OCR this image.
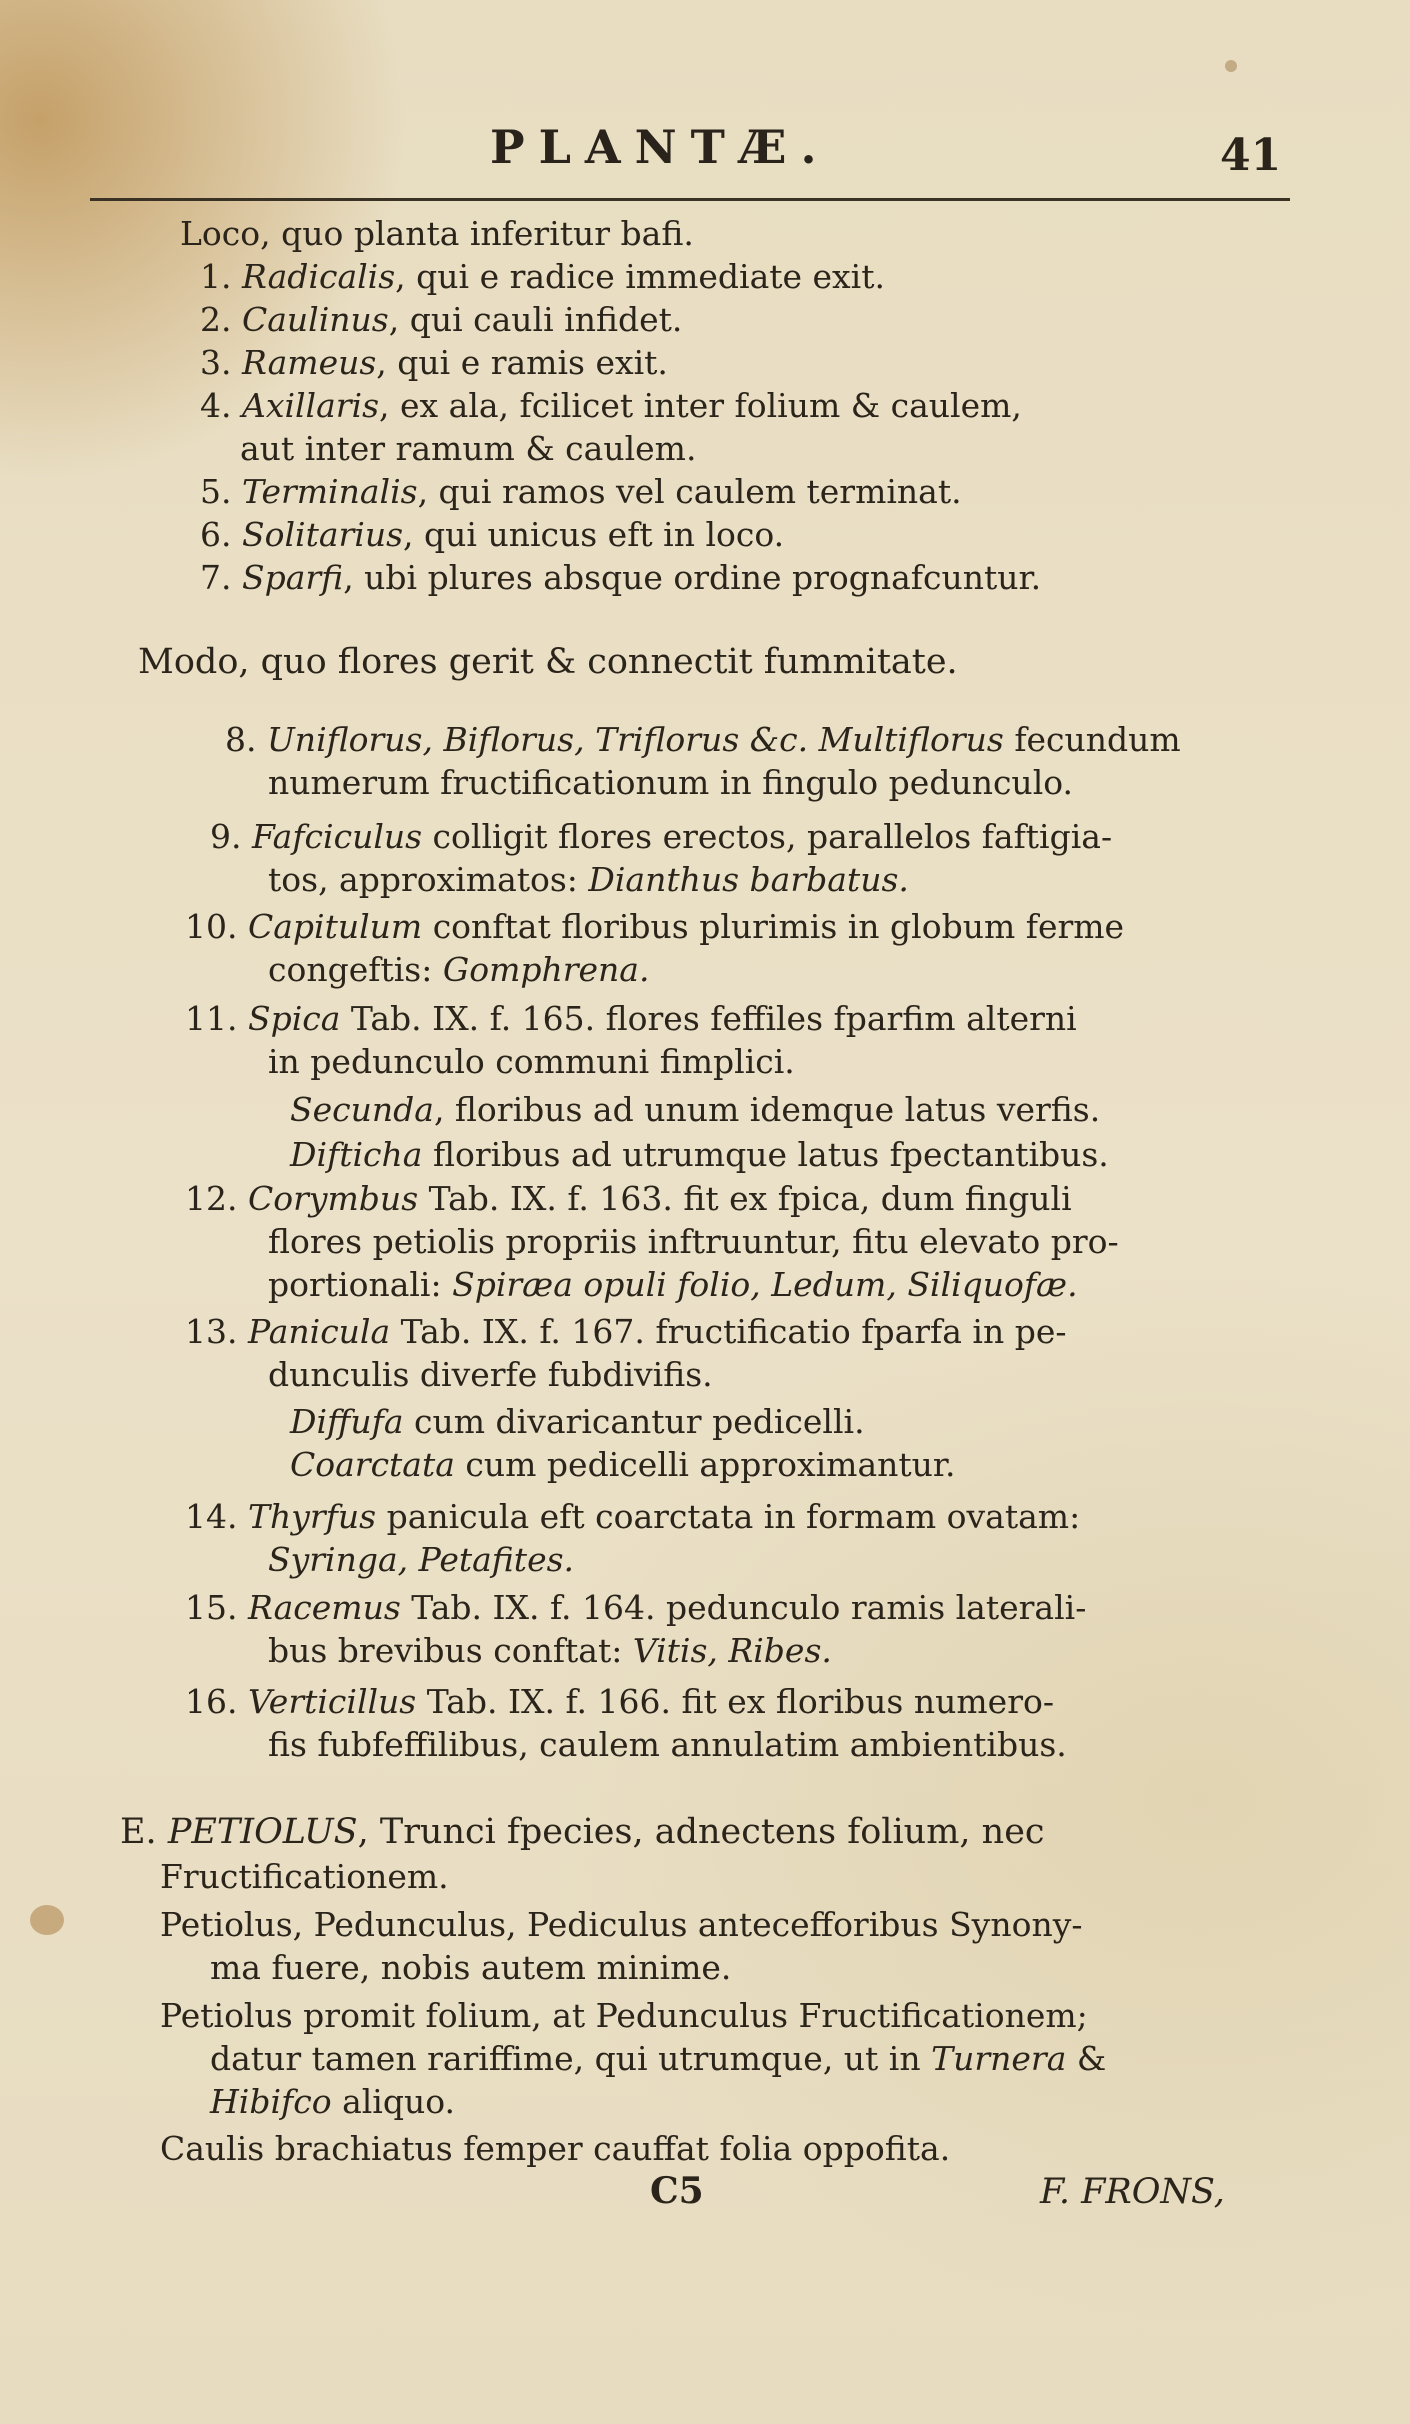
PLANTÆ.	41
Loco, quo planta inferitur bafi.
1. Radicalis, qui e radice immediate exit.
2. Caulinus, qui cauli infidet.
3. Rameus, qui e ramis exit.
4. Axillaris, ex ala, fcilicet inter folium & caulem,
aut inter ramum & caulem.
5. Terminalis, qui ramos vel caulem terminat.
6. Solitarius, qui unicus eft in loco.
7. Sparfi, ubi plures absque ordine prognafcuntur.
Modo, quo flores gerit & connectit fummitate.
8. Uniflorus, Biflorus, Triflorus &c. Multiflorus fecundum
numerum fructificationum in fingulo pedunculo.
9. Fafciculus colligit flores erectos, parallelos faftigia-
tos, approximatos: Dianthus barbatus.
10. Capitulum conftat floribus plurimis in globum ferme
congeftis: Gomphrena.
11. Spica Tab. IX. f. 165. flores feffiles fparfim alterni
in pedunculo communi fimplici.
Secunda, floribus ad unum idemque latus verfis.
Difticha floribus ad utrumque latus fpectantibus.
12. Corymbus Tab. IX. f. 163. fit ex fpica, dum finguli
flores petiolis propriis inftruuntur, fitu elevato pro-
portionali: Spiræa opuli folio, Ledum, Siliquofæ.
13. Panicula Tab. IX. f. 167. fructificatio fparfa in pe-
dunculis diverfe fubdivifis.
Diffufa cum divaricantur pedicelli.
Coarctata cum pedicelli approximantur.
14. Thyrfus panicula eft coarctata in formam ovatam:
Syringa, Petafites.
15. Racemus Tab. IX. f. 164. pedunculo ramis laterali-
bus brevibus conftat: Vitis, Ribes.
16. Verticillus Tab. IX. f. 166. fit ex floribus numero-
fis fubfeffilibus, caulem annulatim ambientibus.
E. PETIOLUS, Trunci fpecies, adnectens folium, nec
Fructificationem.
Petiolus, Pedunculus, Pediculus antecefforibus Synony-
ma fuere, nobis autem minime.
Petiolus promit folium, at Pedunculus Fructificationem;
datur tamen rariffime, qui utrumque, ut in Turnera &
Hibifco aliquo.
Caulis brachiatus femper cauffat folia oppofita.
C5	F. FRONS,
